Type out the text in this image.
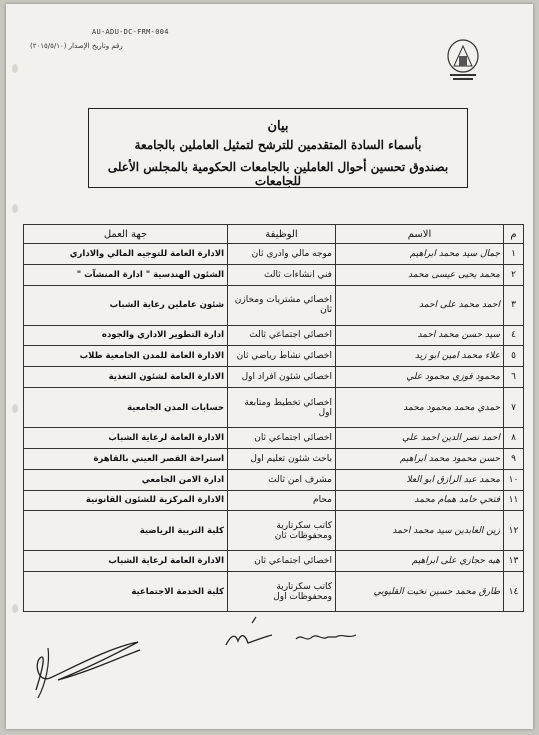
AU-ADU-DC-FRM-004
رقم وتاريخ الإصدار (٢٠١٥/٥/١٠)
بيان
بأسماء السادة المتقدمين للترشح لتمثيل العاملين بالجامعة
بصندوق تحسين أحوال العاملين بالجامعات الحكومية بالمجلس الأعلى للجامعات
م	الاسم	الوظيفة	جهة العمل
١	جمال سيد محمد ابراهيم	موجه مالي وادري ثان	الادارة العامة للتوجيه المالي والاداري
٢	محمد يحيى عيسى محمد	فني انشاءات ثالث	الشئون الهندسية " ادارة المنشآت "
٣	احمد محمد على احمد	اخصائي مشتريات ومخازن ثان	شئون عاملين رعاية الشباب
٤	سيد حسن محمد احمد	اخصائي اجتماعي ثالث	ادارة التطوير الاداري والجوده
٥	علاء محمد امين ابو زيد	اخصائي نشاط رياضي ثان	الادارة العامة للمدن الجامعية طلاب
٦	محمود فوزي محمود علي	اخصائي شئون افراد اول	الادارة العامة لشئون التغذية
٧	حمدي محمد محمود محمد	اخصائي تخطيط ومتابعة اول	حسابات المدن الجامعية
٨	احمد نصر الدين احمد علي	اخصائي اجتماعي ثان	الادارة العامة لرعاية الشباب
٩	حسن محمود محمد ابراهيم	باحث شئون تعليم اول	استراحة القصر العيني بالقاهرة
١٠	محمد عبد الرازق ابو العلا	مشرف امن ثالث	ادارة الامن الجامعي
١١	فتحي حامد همام محمد	محام	الادارة المركزية للشئون القانونية
١٢	زين العابدين سيد محمد احمد	كاتب سكرتارية ومحفوظات ثان	كلية التربية الرياضية
١٣	هبه حجازي على ابراهيم	اخصائي اجتماعي ثان	الادارة العامة لرعاية الشباب
١٤	طارق محمد حسين نخيت القليوبي	كاتب سكرتارية ومحفوظات اول	كلية الخدمة الاجتماعية
